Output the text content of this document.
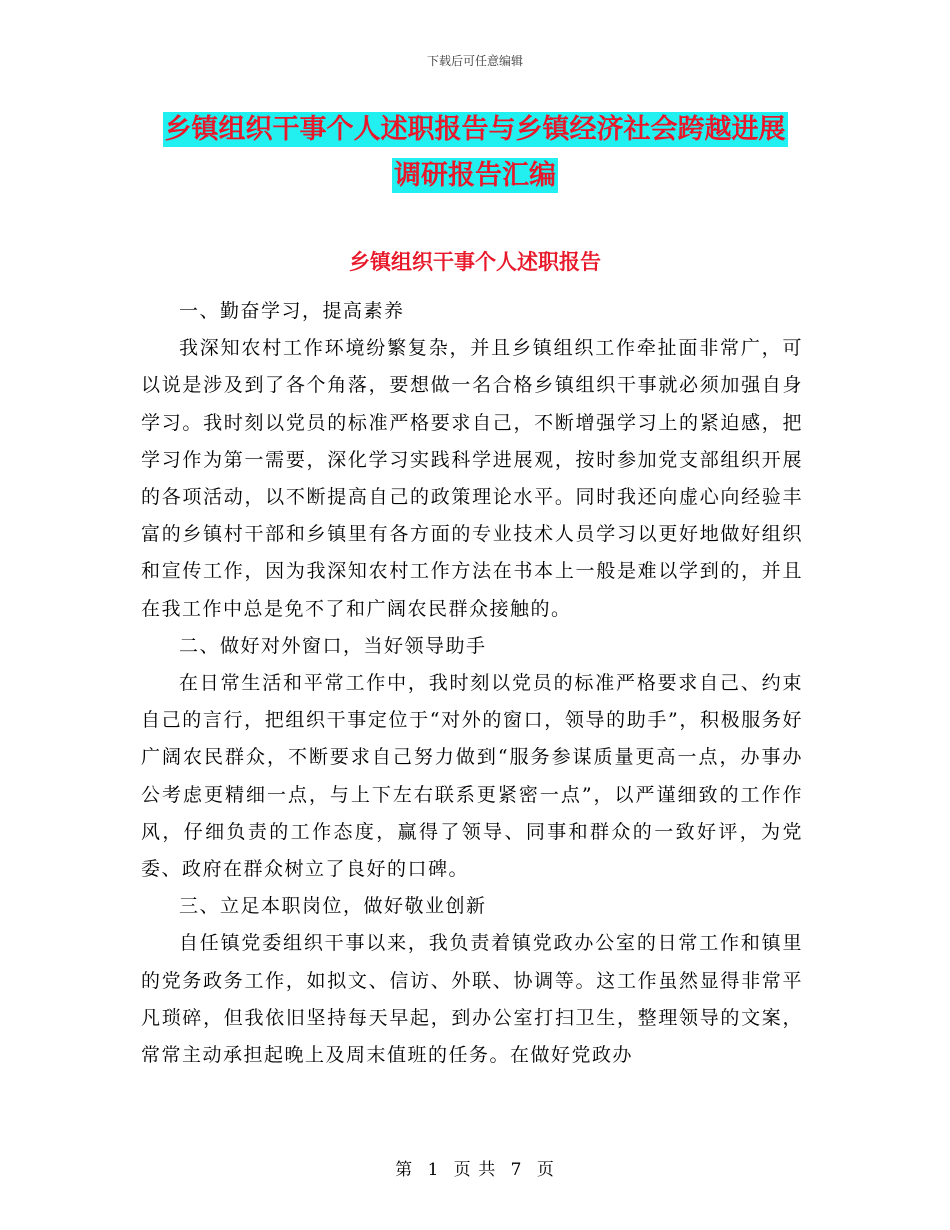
下载后可任意编辑
乡镇组织干事个人述职报告与乡镇经济社会跨越进展
调研报告汇编
乡镇组织干事个人述职报告

一、勤奋学习，提高素养

我深知农村工作环境纷繁复杂，并且乡镇组织工作牵扯面非常广，可以说是涉及到了各个角落，要想做一名合格乡镇组织干事就必须加强自身学习。我时刻以党员的标准严格要求自己，不断增强学习上的紧迫感，把学习作为第一需要，深化学习实践科学进展观，按时参加党支部组织开展的各项活动，以不断提高自己的政策理论水平。同时我还向虚心向经验丰富的乡镇村干部和乡镇里有各方面的专业技术人员学习以更好地做好组织和宣传工作，因为我深知农村工作方法在书本上一般是难以学到的，并且在我工作中总是免不了和广阔农民群众接触的。

二、做好对外窗口，当好领导助手

在日常生活和平常工作中，我时刻以党员的标准严格要求自己、约束自己的言行，把组织干事定位于“对外的窗口，领导的助手”，积极服务好广阔农民群众，不断要求自己努力做到“服务参谋质量更高一点，办事办公考虑更精细一点，与上下左右联系更紧密一点”，以严谨细致的工作作风，仔细负责的工作态度，赢得了领导、同事和群众的一致好评，为党委、政府在群众树立了良好的口碑。

三、立足本职岗位，做好敬业创新

自任镇党委组织干事以来，我负责着镇党政办公室的日常工作和镇里的党务政务工作，如拟文、信访、外联、协调等。这工作虽然显得非常平凡琐碎，但我依旧坚持每天早起，到办公室打扫卫生，整理领导的文案，常常主动承担起晚上及周末值班的任务。在做好党政办

第 1 页 共 7 页
